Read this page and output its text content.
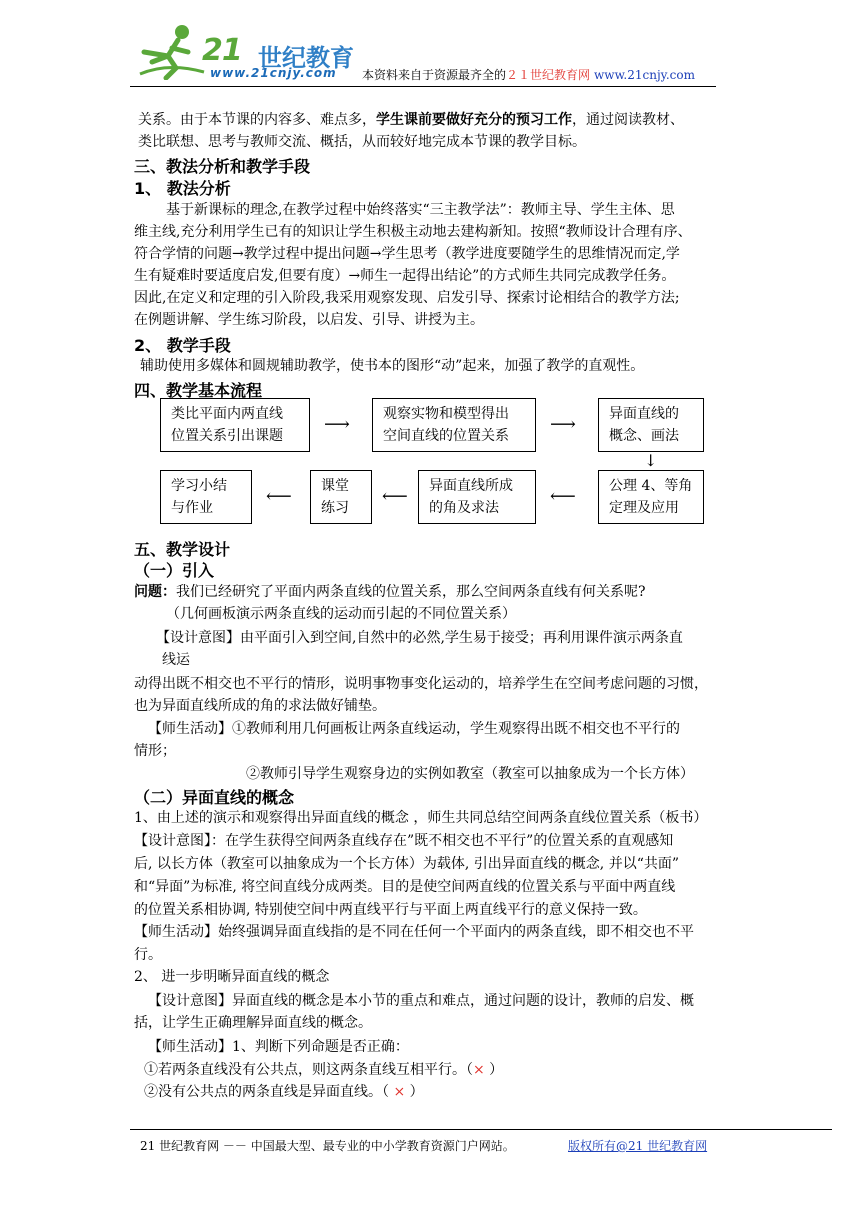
21 世纪教育
www.21cnjy.com 本资料来自于资源最齐全的２１世纪教育网 www.21cnjy.com
关系。由于本节课的内容多、难点多，学生课前要做好充分的预习工作，通过阅读教材、
类比联想、思考与教师交流、概括，从而较好地完成本节课的教学目标。
三、教法分析和教学手段
1、 教法分析
基于新课标的理念,在教学过程中始终落实“三主教学法”：教师主导、学生主体、思
维主线,充分利用学生已有的知识让学生积极主动地去建构新知。按照“教师设计合理有序、
符合学情的问题→教学过程中提出问题→学生思考（教学进度要随学生的思维情况而定,学
生有疑难时要适度启发,但要有度）→师生一起得出结论”的方式师生共同完成教学任务。
因此,在定义和定理的引入阶段,我采用观察发现、启发引导、探索讨论相结合的教学方法;
在例题讲解、学生练习阶段，以启发、引导、讲授为主。
2、 教学手段
辅助使用多媒体和圆规辅助教学，使书本的图形“动”起来，加强了教学的直观性。
四、教学基本流程
类比平面内两直线
位置关系引出课题
⟶ 观察实物和模型得出
空间直线的位置关系
⟶ 异面直线的
概念、画法
↓
学习小结
与作业
⟵ 课堂
练习
⟵ 异面直线所成
的角及求法
⟵ 公理 4、等角
定理及应用
五、教学设计
（一）引入
问题：我们已经研究了平面内两条直线的位置关系，那么空间两条直线有何关系呢?
（几何画板演示两条直线的运动而引起的不同位置关系）
【设计意图】由平面引入到空间,自然中的必然,学生易于接受；再利用课件演示两条直
线运
动得出既不相交也不平行的情形，说明事物事变化运动的，培养学生在空间考虑问题的习惯，
也为异面直线所成的角的求法做好铺垫。
【师生活动】①教师利用几何画板让两条直线运动，学生观察得出既不相交也不平行的
情形；
②教师引导学生观察身边的实例如教室（教室可以抽象成为一个长方体）
（二）异面直线的概念
1、由上述的演示和观察得出异面直线的概念 ，师生共同总结空间两条直线位置关系（板书）
【设计意图】：在学生获得空间两条直线存在”既不相交也不平行”的位置关系的直观感知
后, 以长方体（教室可以抽象成为一个长方体）为载体, 引出异面直线的概念, 并以“共面”
和“异面”为标准, 将空间直线分成两类。目的是使空间两直线的位置关系与平面中两直线
的位置关系相协调, 特别使空间中两直线平行与平面上两直线平行的意义保持一致。
【师生活动】始终强调异面直线指的是不同在任何一个平面内的两条直线，即不相交也不平
行。
2、 进一步明晰异面直线的概念
【设计意图】异面直线的概念是本小节的重点和难点，通过问题的设计，教师的启发、概
括，让学生正确理解异面直线的概念。
【师生活动】1、判断下列命题是否正确：
①若两条直线没有公共点，则这两条直线互相平行。（× ）
②没有公共点的两条直线是异面直线。（ × ）
21 世纪教育网 －－ 中国最大型、最专业的中小学教育资源门户网站。	版权所有@21 世纪教育网
